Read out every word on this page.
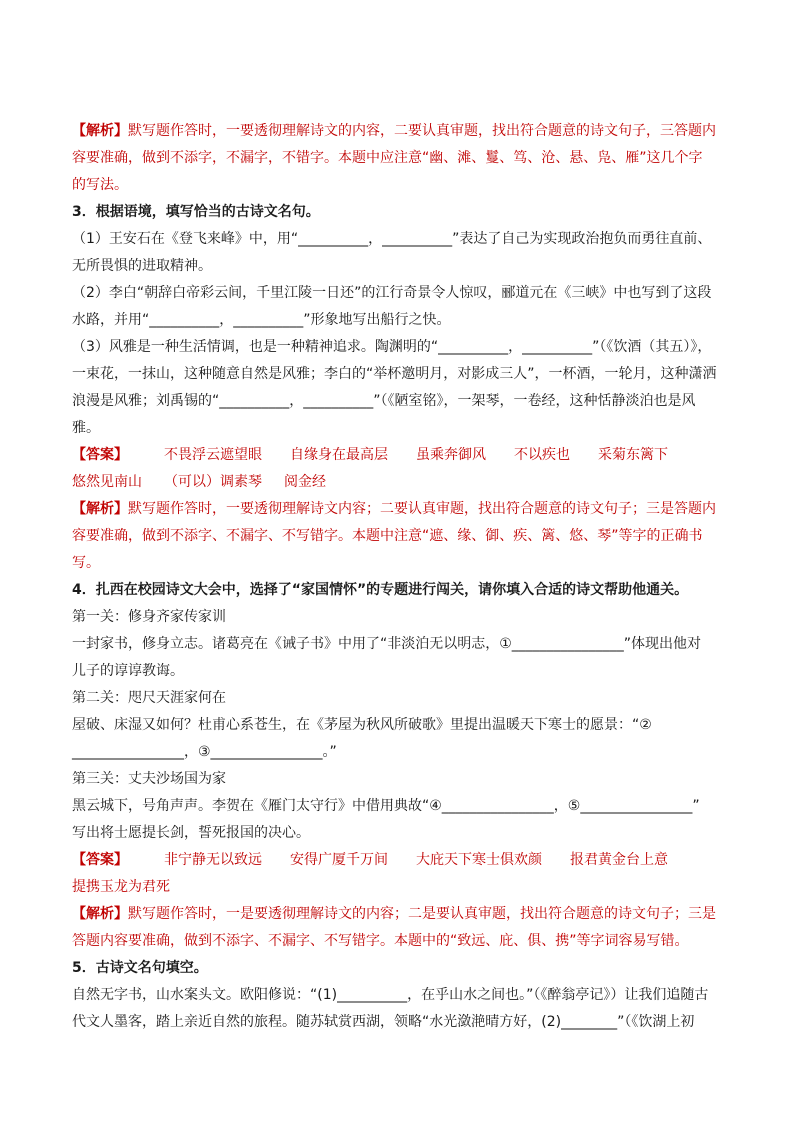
【解析】默写题作答时，一要透彻理解诗文的内容，二要认真审题，找出符合题意的诗文句子，三答题内
容要准确，做到不添字，不漏字，不错字。本题中应注意“幽、滩、鬘、笃、沧、悬、凫、雁”这几个字
的写法。
3．根据语境，填写恰当的古诗文名句。
（1）王安石在《登飞来峰》中，用“__________，__________”表达了自己为实现政治抱负而勇往直前、
无所畏惧的进取精神。
（2）李白“朝辞白帝彩云间，千里江陵一日还”的江行奇景令人惊叹，郦道元在《三峡》中也写到了这段
水路，并用“__________，__________”形象地写出船行之快。
（3）风雅是一种生活情调，也是一种精神追求。陶渊明的“__________，__________”（《饮酒（其五）》，
一束花，一抹山，这种随意自然是风雅；李白的“举杯邀明月，对影成三人”，一杯酒，一轮月，这种潇洒
浪漫是风雅；刘禹锡的“__________，__________”（《陋室铭》，一架琴，一卷经，这种恬静淡泊也是风
雅。
【答案】	不畏浮云遮望眼 自缘身在最高层 虽乘奔御风 不以疾也 采菊东篱下
悠然见南山 （可以）调素琴 阅金经
【解析】默写题作答时，一要透彻理解诗文内容；二要认真审题，找出符合题意的诗文句子；三是答题内
容要准确，做到不添字、不漏字、不写错字。本题中注意“遮、缘、御、疾、篱、悠、琴”等字的正确书
写。
4．扎西在校园诗文大会中，选择了“家国情怀”的专题进行闯关，请你填入合适的诗文帮助他通关。
第一关：修身齐家传家训
一封家书，修身立志。诸葛亮在《诫子书》中用了“非淡泊无以明志，①________________”体现出他对
儿子的谆谆教诲。
第二关：咫尺天涯家何在
屋破、床湿又如何？杜甫心系苍生，在《茅屋为秋风所破歌》里提出温暖天下寒士的愿景：“②
________________，③________________。”
第三关：丈夫沙场国为家
黑云城下，号角声声。李贺在《雁门太守行》中借用典故“④________________，⑤________________”
写出将士愿提长剑，誓死报国的决心。
【答案】	非宁静无以致远 安得广厦千万间 大庇天下寒士俱欢颜 报君黄金台上意
提携玉龙为君死
【解析】默写题作答时，一是要透彻理解诗文的内容；二是要认真审题，找出符合题意的诗文句子；三是
答题内容要准确，做到不添字、不漏字、不写错字。本题中的“致远、庇、俱、携”等字词容易写错。
5．古诗文名句填空。
自然无字书，山水案头文。欧阳修说：“(1)__________，在乎山水之间也。”（《醉翁亭记》）让我们追随古
代文人墨客，踏上亲近自然的旅程。随苏轼赏西湖，领略“水光潋滟晴方好，(2)________”（《饮湖上初
